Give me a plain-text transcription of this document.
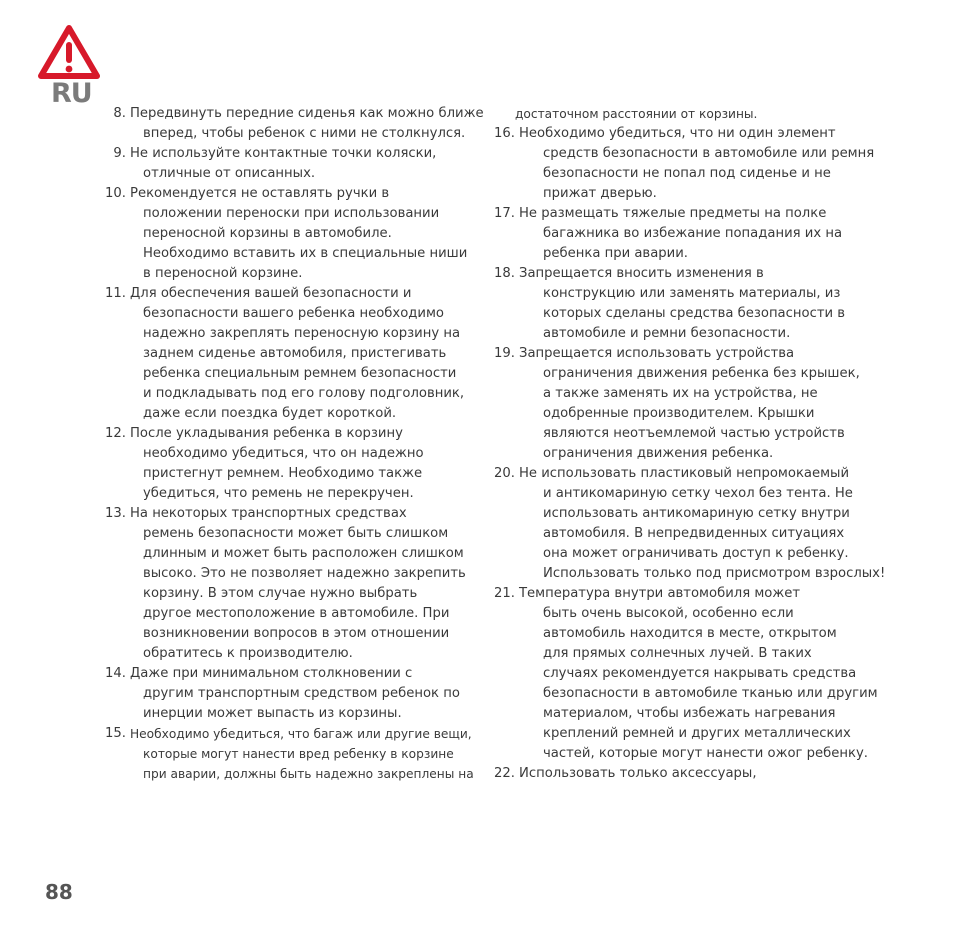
RU
8. Передвинуть передние сиденья как можно ближе
вперед, чтобы ребенок с ними не столкнулся.
9. Не используйте контактные точки коляски,
отличные от описанных.
10. Рекомендуется не оставлять ручки в
положении переноски при использовании
переносной корзины в автомобиле.
Необходимо вставить их в специальные ниши
в переносной корзине.
11. Для обеспечения вашей безопасности и
безопасности вашего ребенка необходимо
надежно закреплять переносную корзину на
заднем сиденье автомобиля, пристегивать
ребенка специальным ремнем безопасности
и подкладывать под его голову подголовник,
даже если поездка будет короткой.
12. После укладывания ребенка в корзину
необходимо убедиться, что он надежно
пристегнут ремнем. Необходимо также
убедиться, что ремень не перекручен.
13. На некоторых транспортных средствах
ремень безопасности может быть слишком
длинным и может быть расположен слишком
высоко. Это не позволяет надежно закрепить
корзину. В этом случае нужно выбрать
другое местоположение в автомобиле. При
возникновении вопросов в этом отношении
обратитесь к производителю.
14. Даже при минимальном столкновении с
другим транспортным средством ребенок по
инерции может выпасть из корзины.
15. Необходимо убедиться, что багаж или другие вещи,
которые могут нанести вред ребенку в корзине
при аварии, должны быть надежно закреплены на
достаточном расстоянии от корзины.
16. Необходимо убедиться, что ни один элемент
средств безопасности в автомобиле или ремня
безопасности не попал под сиденье и не
прижат дверью.
17. Не размещать тяжелые предметы на полке
багажника во избежание попадания их на
ребенка при аварии.
18. Запрещается вносить изменения в
конструкцию или заменять материалы, из
которых сделаны средства безопасности в
автомобиле и ремни безопасности.
19. Запрещается использовать устройства
ограничения движения ребенка без крышек,
а также заменять их на устройства, не
одобренные производителем. Крышки
являются неотъемлемой частью устройств
ограничения движения ребенка.
20. Не использовать пластиковый непромокаемый
и антикомариную сетку чехол без тента. Не
использовать антикомариную сетку внутри
автомобиля. В непредвиденных ситуациях
она может ограничивать доступ к ребенку.
Использовать только под присмотром взрослых!
21. Температура внутри автомобиля может
быть очень высокой, особенно если
автомобиль находится в месте, открытом
для прямых солнечных лучей. В таких
случаях рекомендуется накрывать средства
безопасности в автомобиле тканью или другим
материалом, чтобы избежать нагревания
креплений ремней и других металлических
частей, которые могут нанести ожог ребенку.
22. Использовать только аксессуары,
88
